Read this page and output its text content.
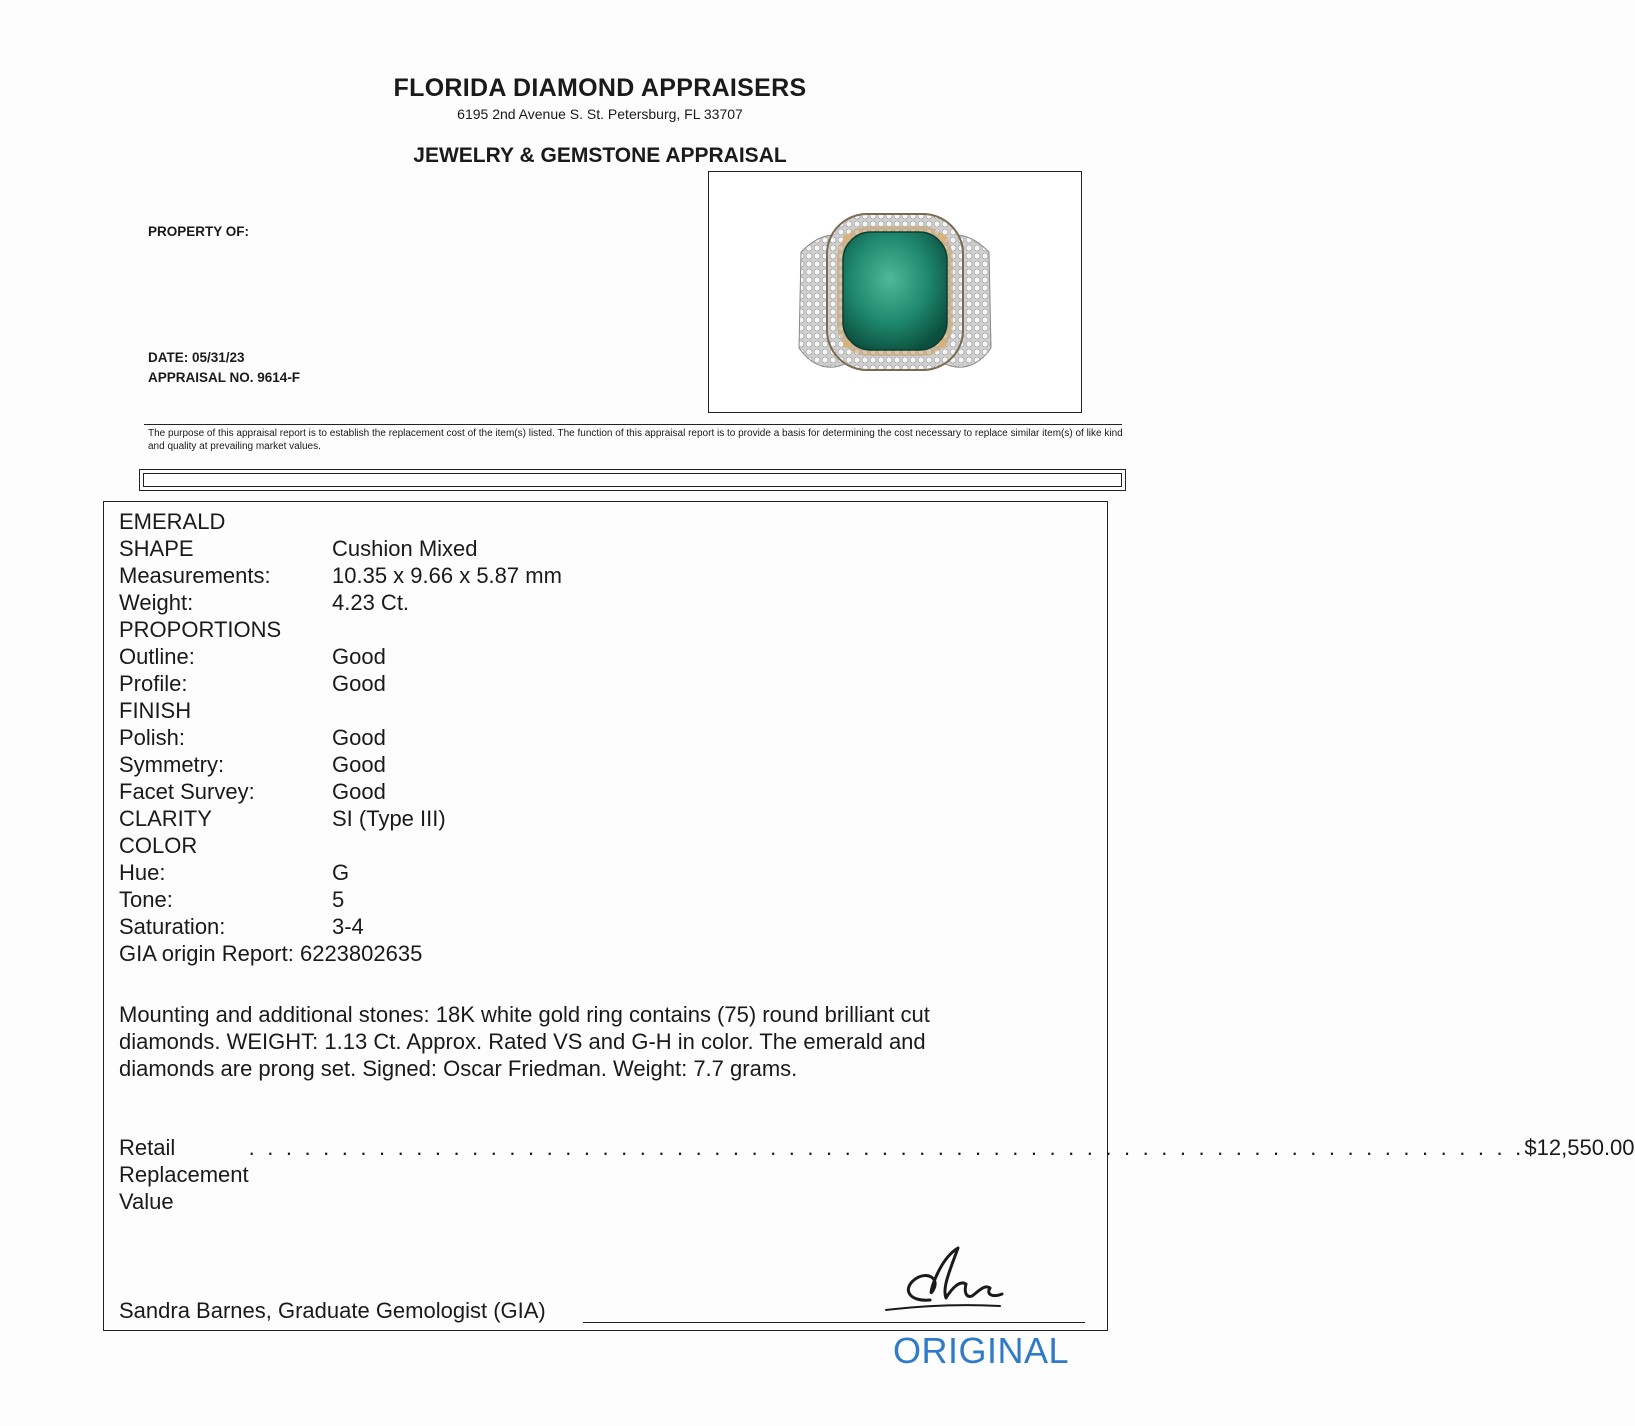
FLORIDA DIAMOND APPRAISERS
6195 2nd Avenue S. St. Petersburg, FL 33707
JEWELRY & GEMSTONE APPRAISAL
PROPERTY OF:
DATE: 05/31/23
APPRAISAL NO. 9614-F
The purpose of this appraisal report is to establish the replacement cost of the item(s) listed. The function of this appraisal report is to provide a basis for determining the cost necessary to replace similar item(s) of like kind and quality at prevailing market values.
EMERALD
SHAPE	Cushion Mixed
Measurements:	10.35 x 9.66 x 5.87 mm
Weight:	4.23 Ct.
PROPORTIONS
Outline:	Good
Profile:	Good
FINISH
Polish:	Good
Symmetry:	Good
Facet Survey:	Good
CLARITY	SI (Type III)
COLOR
Hue:	G
Tone:	5
Saturation:	3-4
GIA origin Report: 6223802635
Mounting and additional stones: 18K white gold ring contains (75) round brilliant cut diamonds. WEIGHT: 1.13 Ct. Approx. Rated VS and G-H in color. The emerald and diamonds are prong set. Signed: Oscar Friedman. Weight: 7.7 grams.
Retail Replacement Value
. . . . . . . . . . . . . . . . . . . . . . . . . . . . . . . . . . . . . . . . . . . . . . . . . . . . . . . . . . . . . . . . . . . . . $12,550.00
Sandra Barnes, Graduate Gemologist (GIA)
ORIGINAL
